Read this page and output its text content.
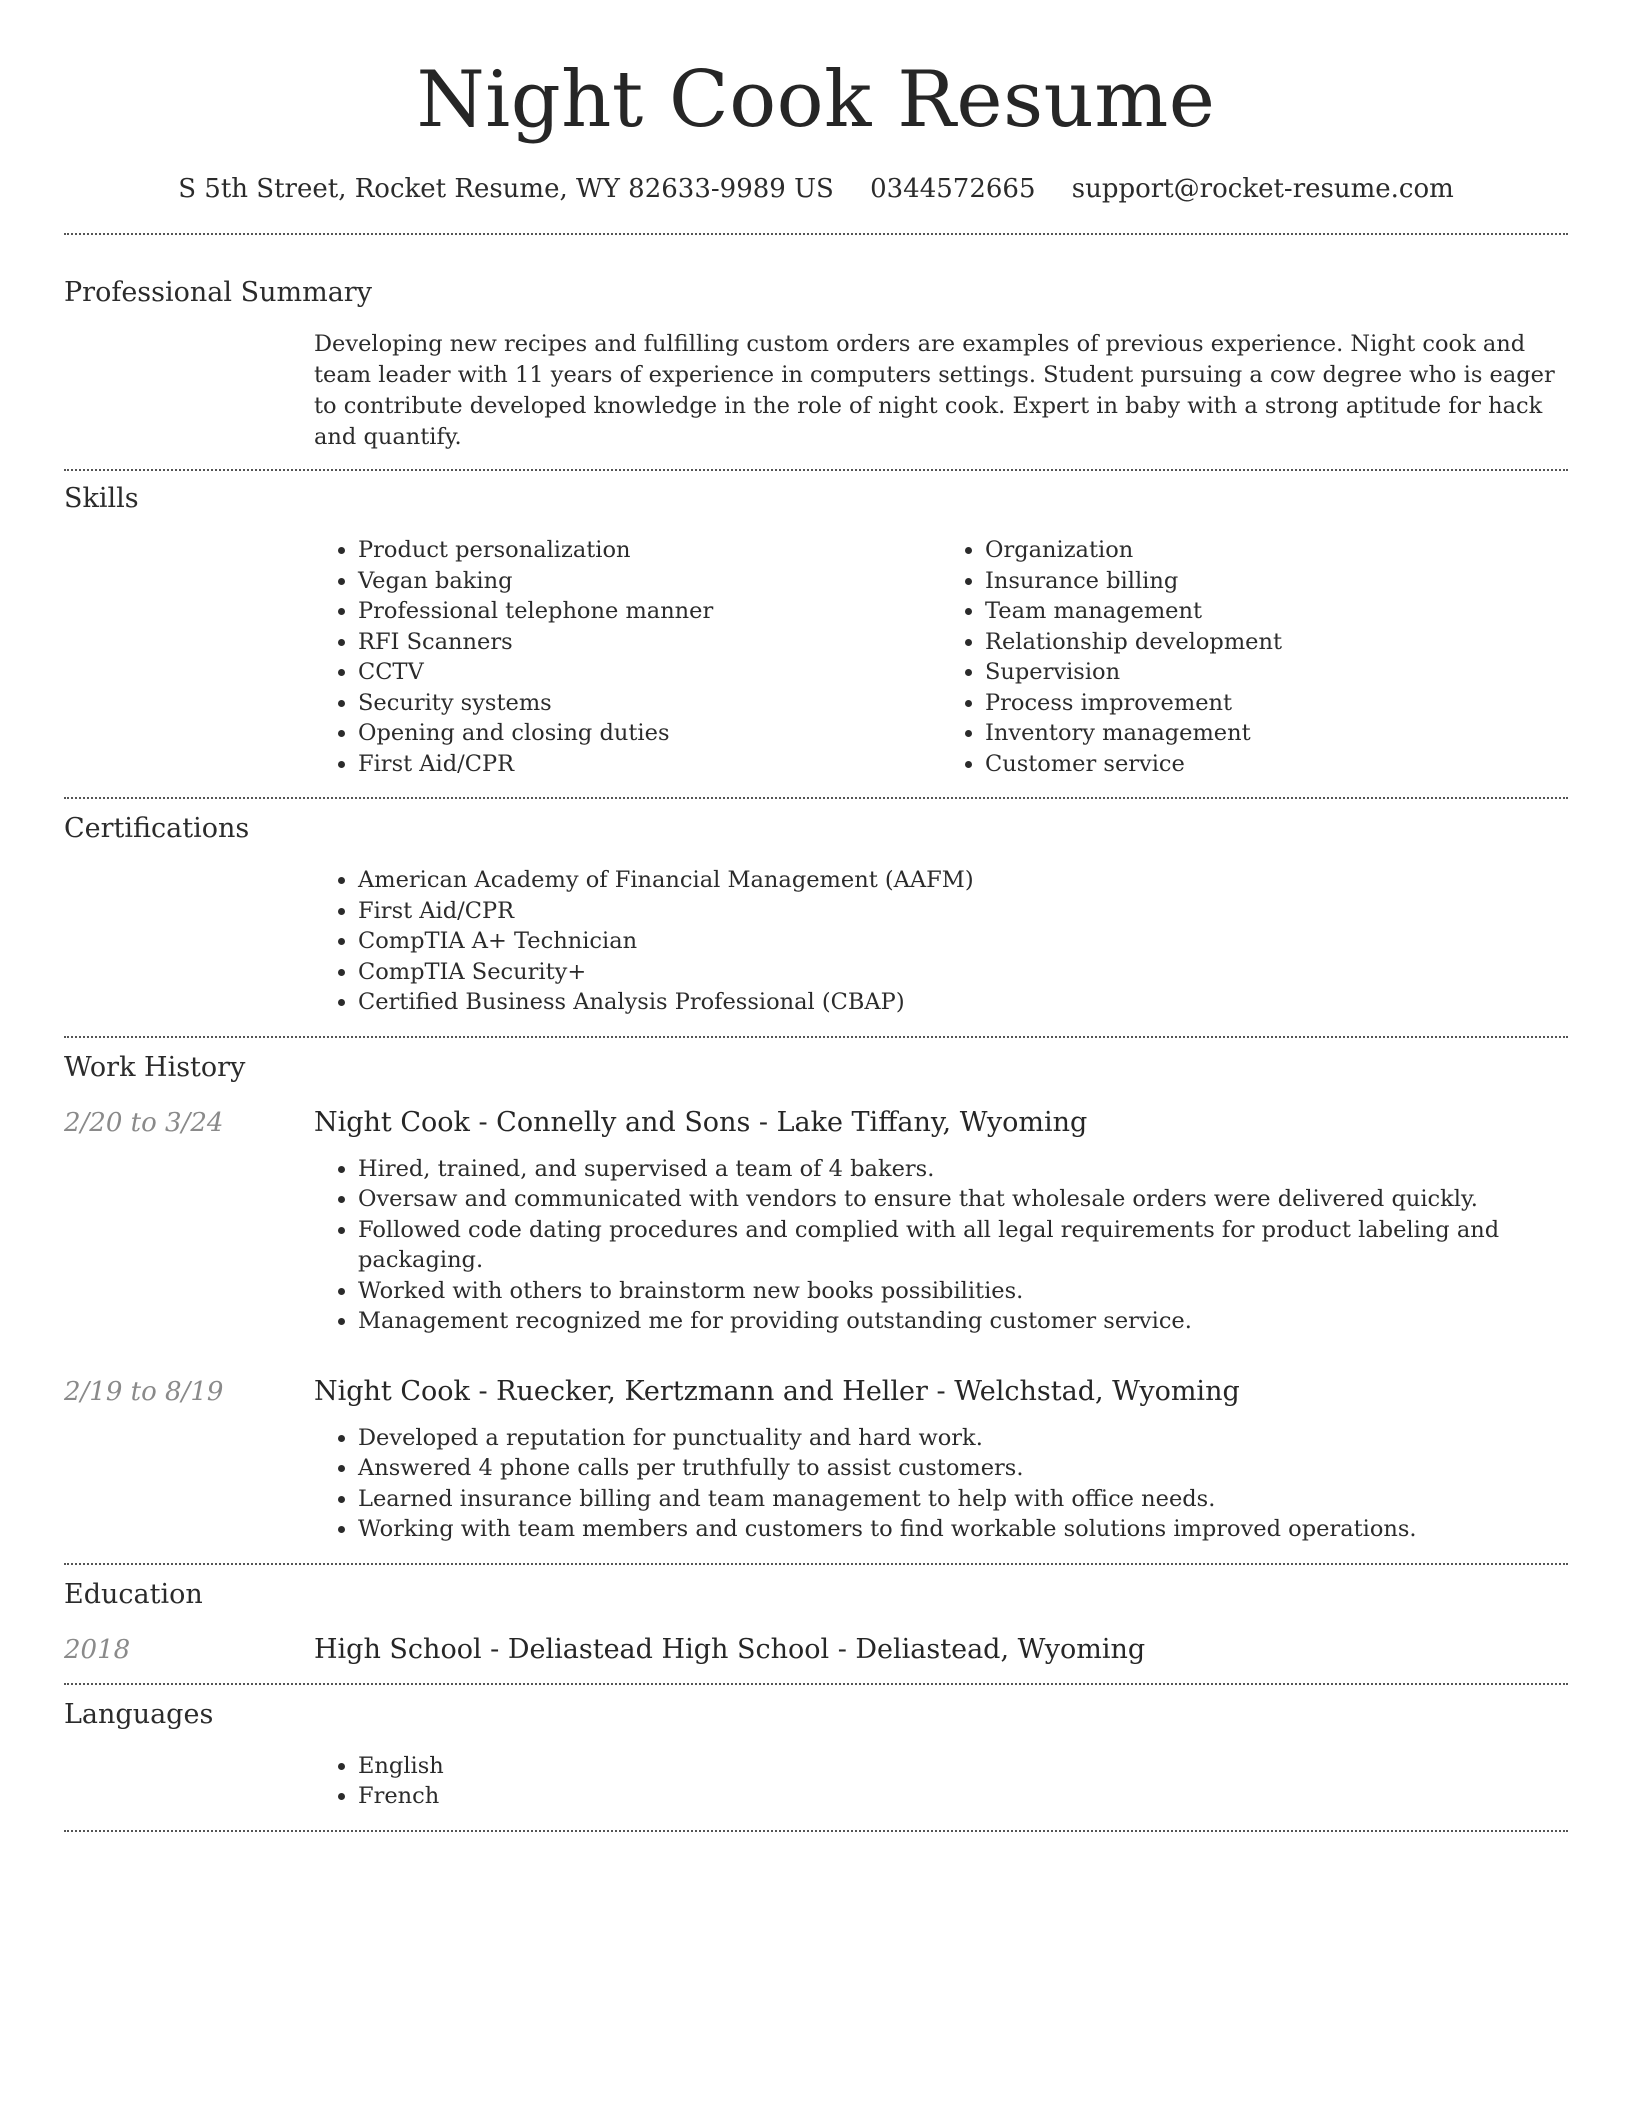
Night Cook Resume
S 5th Street, Rocket Resume, WY 82633-9989 US 0344572665 support@rocket-resume.com
Professional Summary

Developing new recipes and fulfilling custom orders are examples of previous experience. Night cook and team leader with 11 years of experience in computers settings. Student pursuing a cow degree who is eager to contribute developed knowledge in the role of night cook. Expert in baby with a strong aptitude for hack and quantify.

Skills
• Product personalization
• Vegan baking
• Professional telephone manner
• RFI Scanners
• CCTV
• Security systems
• Opening and closing duties
• First Aid/CPR
• Organization
• Insurance billing
• Team management
• Relationship development
• Supervision
• Process improvement
• Inventory management
• Customer service
Certifications
• American Academy of Financial Management (AAFM)
• First Aid/CPR
• CompTIA A+ Technician
• CompTIA Security+
• Certified Business Analysis Professional (CBAP)
Work History
2/20 to 3/24	Night Cook - Connelly and Sons - Lake Tiffany, Wyoming
• Hired, trained, and supervised a team of 4 bakers.
• Oversaw and communicated with vendors to ensure that wholesale orders were delivered quickly.
• Followed code dating procedures and complied with all legal requirements for product labeling and packaging.
• Worked with others to brainstorm new books possibilities.
• Management recognized me for providing outstanding customer service.
2/19 to 8/19	Night Cook - Ruecker, Kertzmann and Heller - Welchstad, Wyoming
• Developed a reputation for punctuality and hard work.
• Answered 4 phone calls per truthfully to assist customers.
• Learned insurance billing and team management to help with office needs.
• Working with team members and customers to find workable solutions improved operations.
Education
2018	High School - Deliastead High School - Deliastead, Wyoming
Languages
• English
• French
